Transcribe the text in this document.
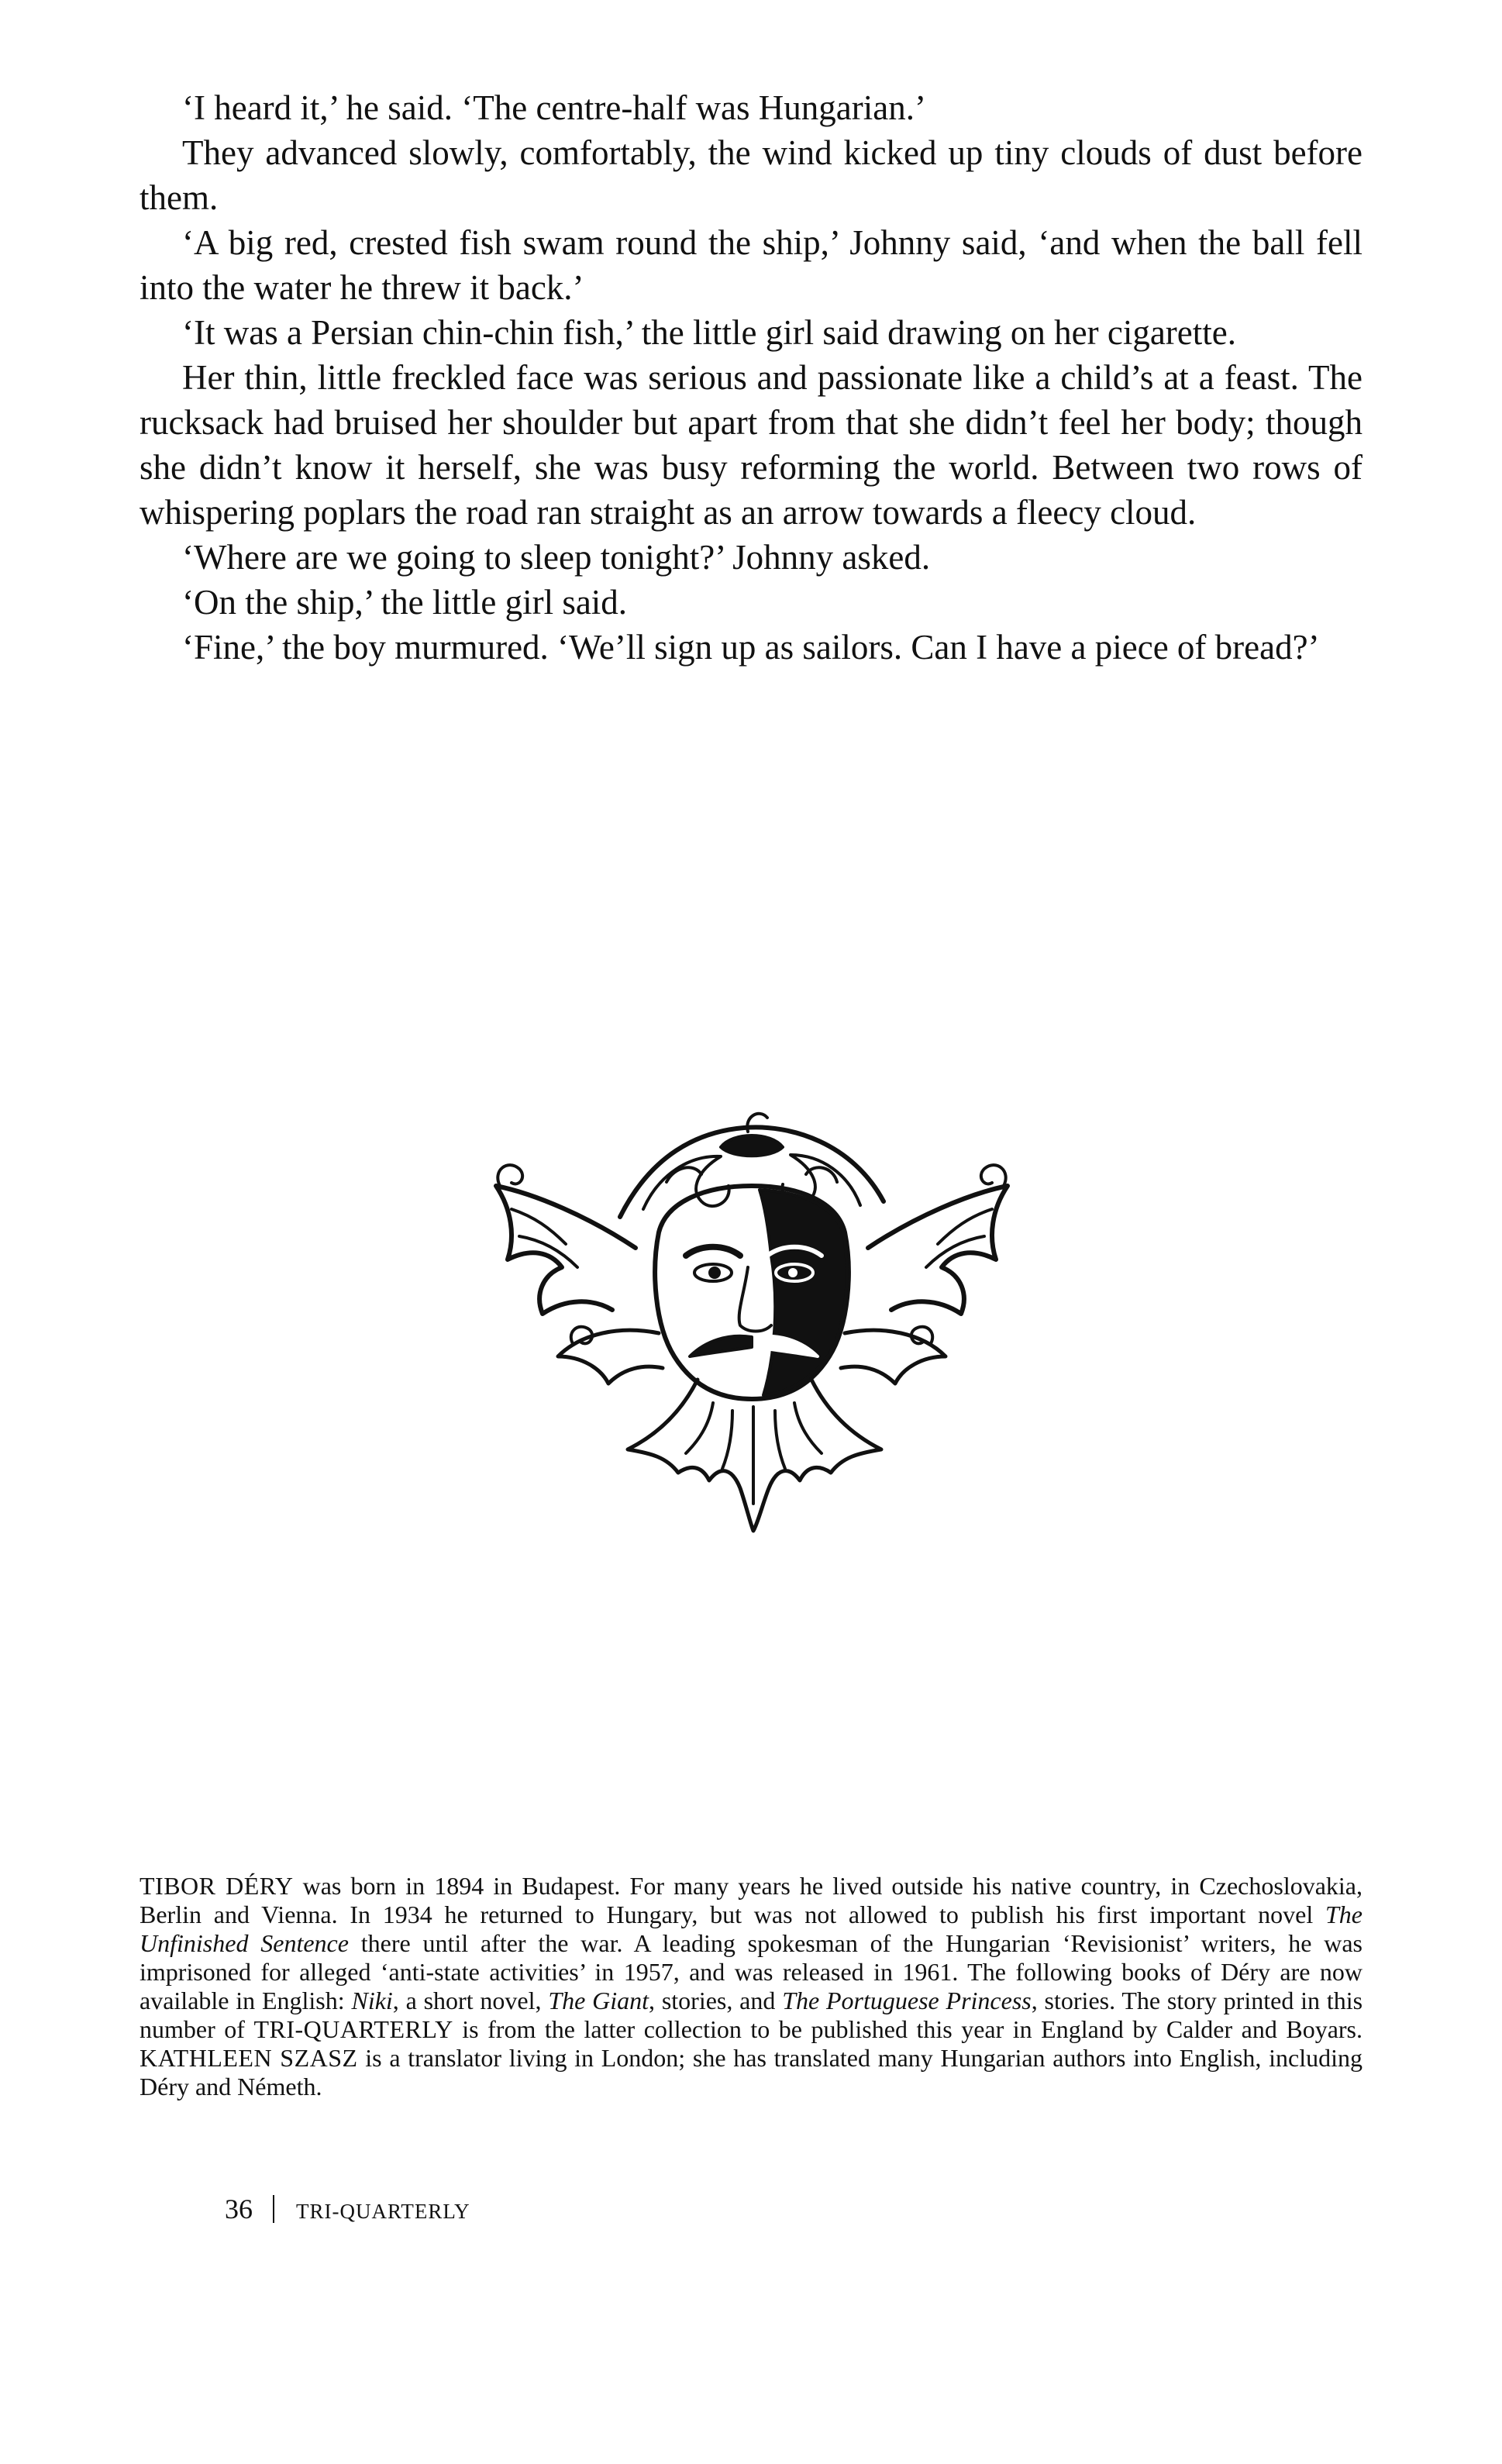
‘I heard it,’ he said. ‘The centre-half was Hungarian.’

They advanced slowly, comfortably, the wind kicked up tiny clouds of dust before them.

‘A big red, crested fish swam round the ship,’ Johnny said, ‘and when the ball fell into the water he threw it back.’

‘It was a Persian chin-chin fish,’ the little girl said drawing on her cigarette.

Her thin, little freckled face was serious and passionate like a child’s at a feast. The rucksack had bruised her shoulder but apart from that she didn’t feel her body; though she didn’t know it herself, she was busy reforming the world. Between two rows of whispering poplars the road ran straight as an arrow towards a fleecy cloud.

‘Where are we going to sleep tonight?’ Johnny asked.

‘On the ship,’ the little girl said.

‘Fine,’ the boy murmured. ‘We’ll sign up as sailors. Can I have a piece of bread?’

TIBOR DÉRY was born in 1894 in Budapest. For many years he lived outside his native country, in Czechoslovakia, Berlin and Vienna. In 1934 he returned to Hungary, but was not allowed to publish his first important novel The Unfinished Sentence there until after the war. A leading spokesman of the Hungarian ‘Revisionist’ writers, he was imprisoned for alleged ‘anti-state activities’ in 1957, and was released in 1961. The following books of Déry are now available in English: Niki, a short novel, The Giant, stories, and The Portuguese Princess, stories. The story printed in this number of TRI-QUARTERLY is from the latter collection to be published this year in England by Calder and Boyars. KATHLEEN SZASZ is a translator living in London; she has translated many Hungarian authors into English, including Déry and Németh.

36 TRI-QUARTERLY
